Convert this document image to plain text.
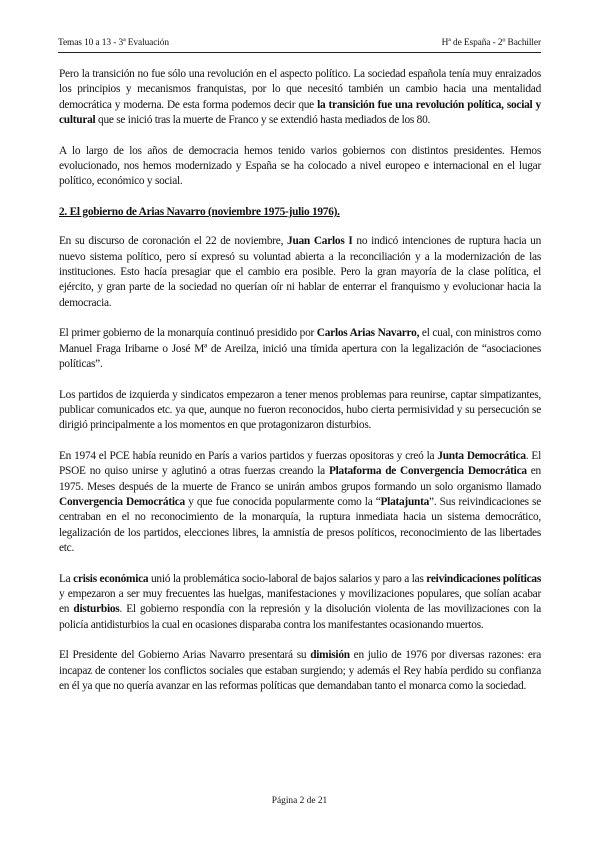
Temas 10 a 13 - 3ª Evaluación	Hª de España - 2º Bachiller

Pero la transición no fue sólo una revolución en el aspecto político. La sociedad española tenía muy enraizados los principios y mecanismos franquistas, por lo que necesitó también un cambio hacia una mentalidad democrática y moderna. De esta forma podemos decir que la transición fue una revolución política, social y cultural que se inició tras la muerte de Franco y se extendió hasta mediados de los 80.

A lo largo de los años de democracia hemos tenido varios gobiernos con distintos presidentes. Hemos evolucionado, nos hemos modernizado y España se ha colocado a nivel europeo e internacional en el lugar político, económico y social.

2. El gobierno de Arias Navarro (noviembre 1975-julio 1976).

En su discurso de coronación el 22 de noviembre, Juan Carlos I no indicó intenciones de ruptura hacia un nuevo sistema político, pero sí expresó su voluntad abierta a la reconciliación y a la modernización de las instituciones. Esto hacía presagiar que el cambio era posible. Pero la gran mayoría de la clase política, el ejército, y gran parte de la sociedad no querían oír ni hablar de enterrar el franquismo y evolucionar hacia la democracia.

El primer gobierno de la monarquía continuó presidido por Carlos Arias Navarro, el cual, con ministros como Manuel Fraga Iribarne o José Mª de Areilza, inició una tímida apertura con la legalización de “asociaciones políticas”.

Los partidos de izquierda y sindicatos empezaron a tener menos problemas para reunirse, captar simpatizantes, publicar comunicados etc. ya que, aunque no fueron reconocidos, hubo cierta permisividad y su persecución se dirigió principalmente a los momentos en que protagonizaron disturbios.

En 1974 el PCE había reunido en París a varios partidos y fuerzas opositoras y creó la Junta Democrática. El PSOE no quiso unirse y aglutinó a otras fuerzas creando la Plataforma de Convergencia Democrática en 1975. Meses después de la muerte de Franco se unirán ambos grupos formando un solo organismo llamado Convergencia Democrática y que fue conocida popularmente como la “Platajunta”. Sus reivindicaciones se centraban en el no reconocimiento de la monarquía, la ruptura inmediata hacia un sistema democrático, legalización de los partidos, elecciones libres, la amnistía de presos políticos, reconocimiento de las libertades etc.

La crisis económica unió la problemática socio-laboral de bajos salarios y paro a las reivindicaciones políticas y empezaron a ser muy frecuentes las huelgas, manifestaciones y movilizaciones populares, que solían acabar en disturbios. El gobierno respondía con la represión y la disolución violenta de las movilizaciones con la policía antidisturbios la cual en ocasiones disparaba contra los manifestantes ocasionando muertos.

El Presidente del Gobierno Arias Navarro presentará su dimisión en julio de 1976 por diversas razones: era incapaz de contener los conflictos sociales que estaban surgiendo; y además el Rey había perdido su confianza en él ya que no quería avanzar en las reformas políticas que demandaban tanto el monarca como la sociedad.

Página 2 de 21
